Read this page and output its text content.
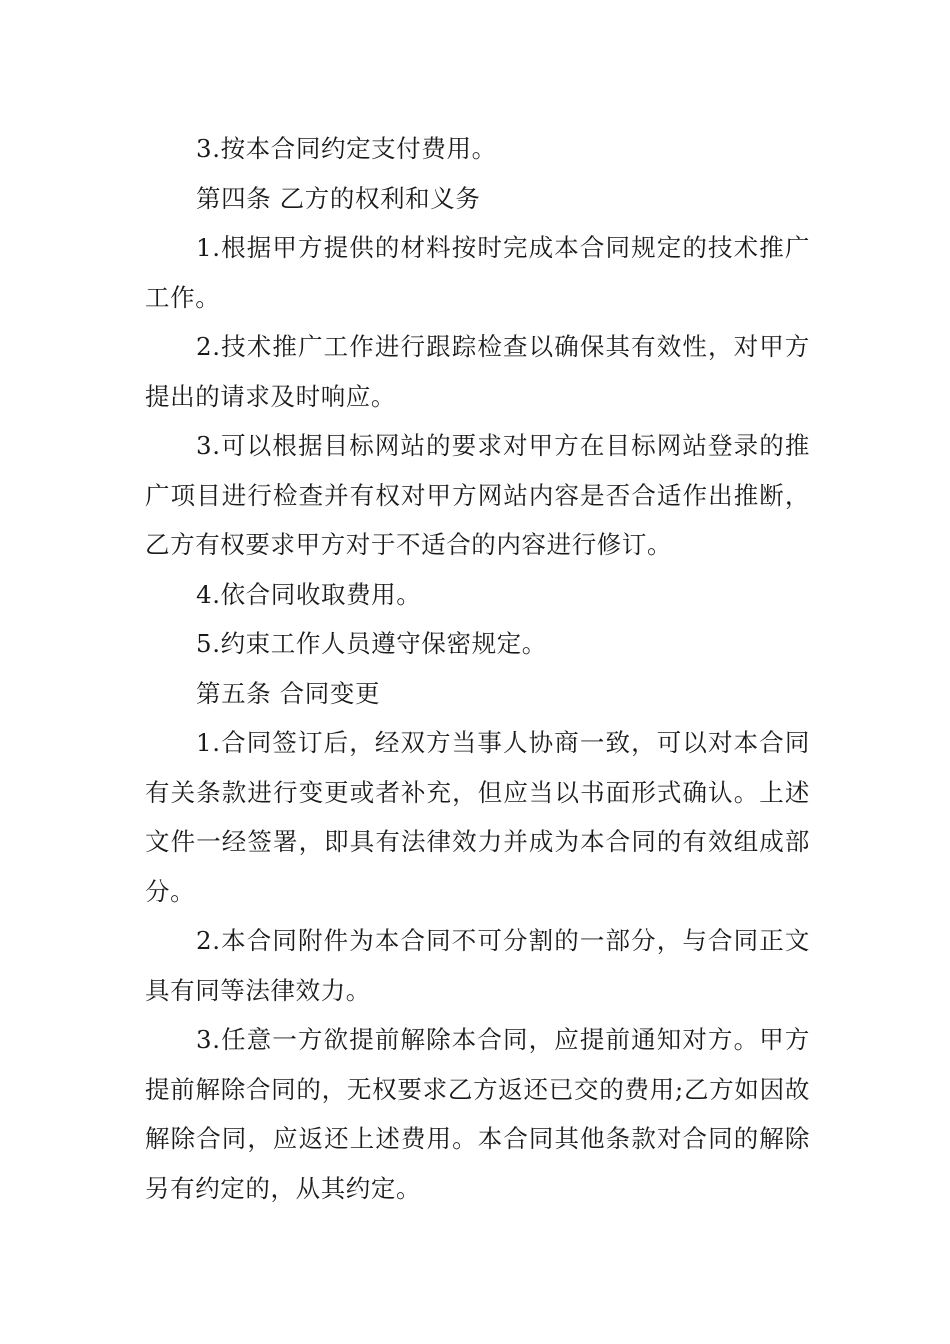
3.按本合同约定支付费用。

第四条 乙方的权利和义务

1.根据甲方提供的材料按时完成本合同规定的技术推广工作。

2.技术推广工作进行跟踪检查以确保其有效性，对甲方提出的请求及时响应。

3.可以根据目标网站的要求对甲方在目标网站登录的推广项目进行检查并有权对甲方网站内容是否合适作出推断，乙方有权要求甲方对于不适合的内容进行修订。

4.依合同收取费用。

5.约束工作人员遵守保密规定。

第五条 合同变更

1.合同签订后，经双方当事人协商一致，可以对本合同有关条款进行变更或者补充，但应当以书面形式确认。上述文件一经签署，即具有法律效力并成为本合同的有效组成部分。

2.本合同附件为本合同不可分割的一部分，与合同正文具有同等法律效力。

3.任意一方欲提前解除本合同，应提前通知对方。甲方提前解除合同的，无权要求乙方返还已交的费用;乙方如因故解除合同，应返还上述费用。本合同其他条款对合同的解除另有约定的，从其约定。
